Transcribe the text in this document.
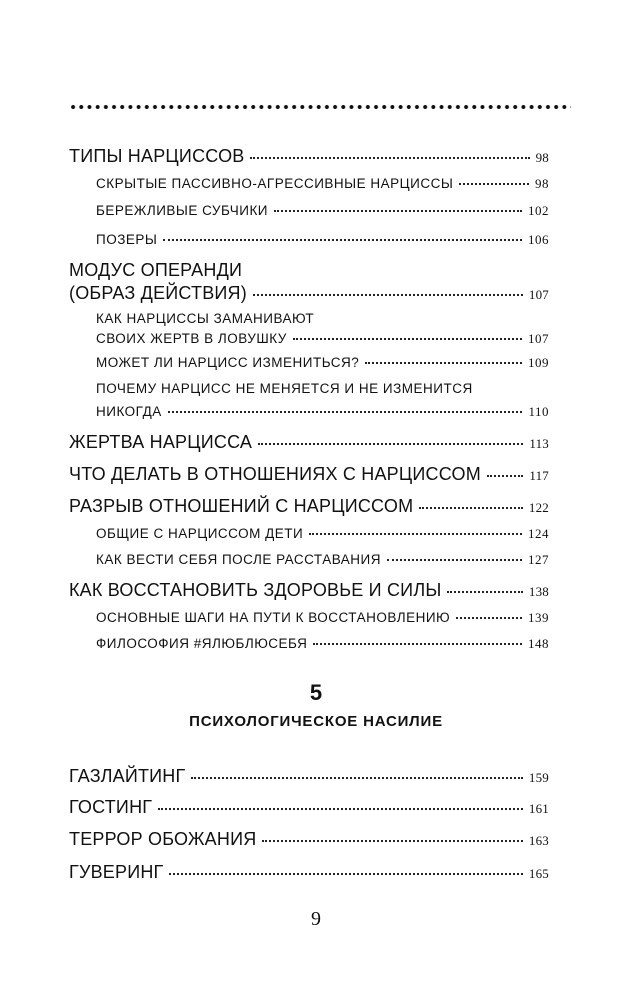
ТИПЫ НАРЦИССОВ	98
СКРЫТЫЕ ПАССИВНО-АГРЕССИВНЫЕ НАРЦИССЫ	98
БЕРЕЖЛИВЫЕ СУБЧИКИ	102
ПОЗЕРЫ	106
МОДУС ОПЕРАНДИ
(ОБРАЗ ДЕЙСТВИЯ)	107
КАК НАРЦИССЫ ЗАМАНИВАЮТ
СВОИХ ЖЕРТВ В ЛОВУШКУ	107
МОЖЕТ ЛИ НАРЦИСС ИЗМЕНИТЬСЯ?	109
ПОЧЕМУ НАРЦИСС НЕ МЕНЯЕТСЯ И НЕ ИЗМЕНИТСЯ
НИКОГДА	110
ЖЕРТВА НАРЦИССА	113
ЧТО ДЕЛАТЬ В ОТНОШЕНИЯХ С НАРЦИССОМ	117
РАЗРЫВ ОТНОШЕНИЙ С НАРЦИССОМ	122
ОБЩИЕ С НАРЦИССОМ ДЕТИ	124
КАК ВЕСТИ СЕБЯ ПОСЛЕ РАССТАВАНИЯ	127
КАК ВОССТАНОВИТЬ ЗДОРОВЬЕ И СИЛЫ	138
ОСНОВНЫЕ ШАГИ НА ПУТИ К ВОССТАНОВЛЕНИЮ	139
ФИЛОСОФИЯ #ЯЛЮБЛЮСЕБЯ	148
5
ПСИХОЛОГИЧЕСКОЕ НАСИЛИЕ
ГАЗЛАЙТИНГ	159
ГОСТИНГ	161
ТЕРРОР ОБОЖАНИЯ	163
ГУВЕРИНГ	165
9
